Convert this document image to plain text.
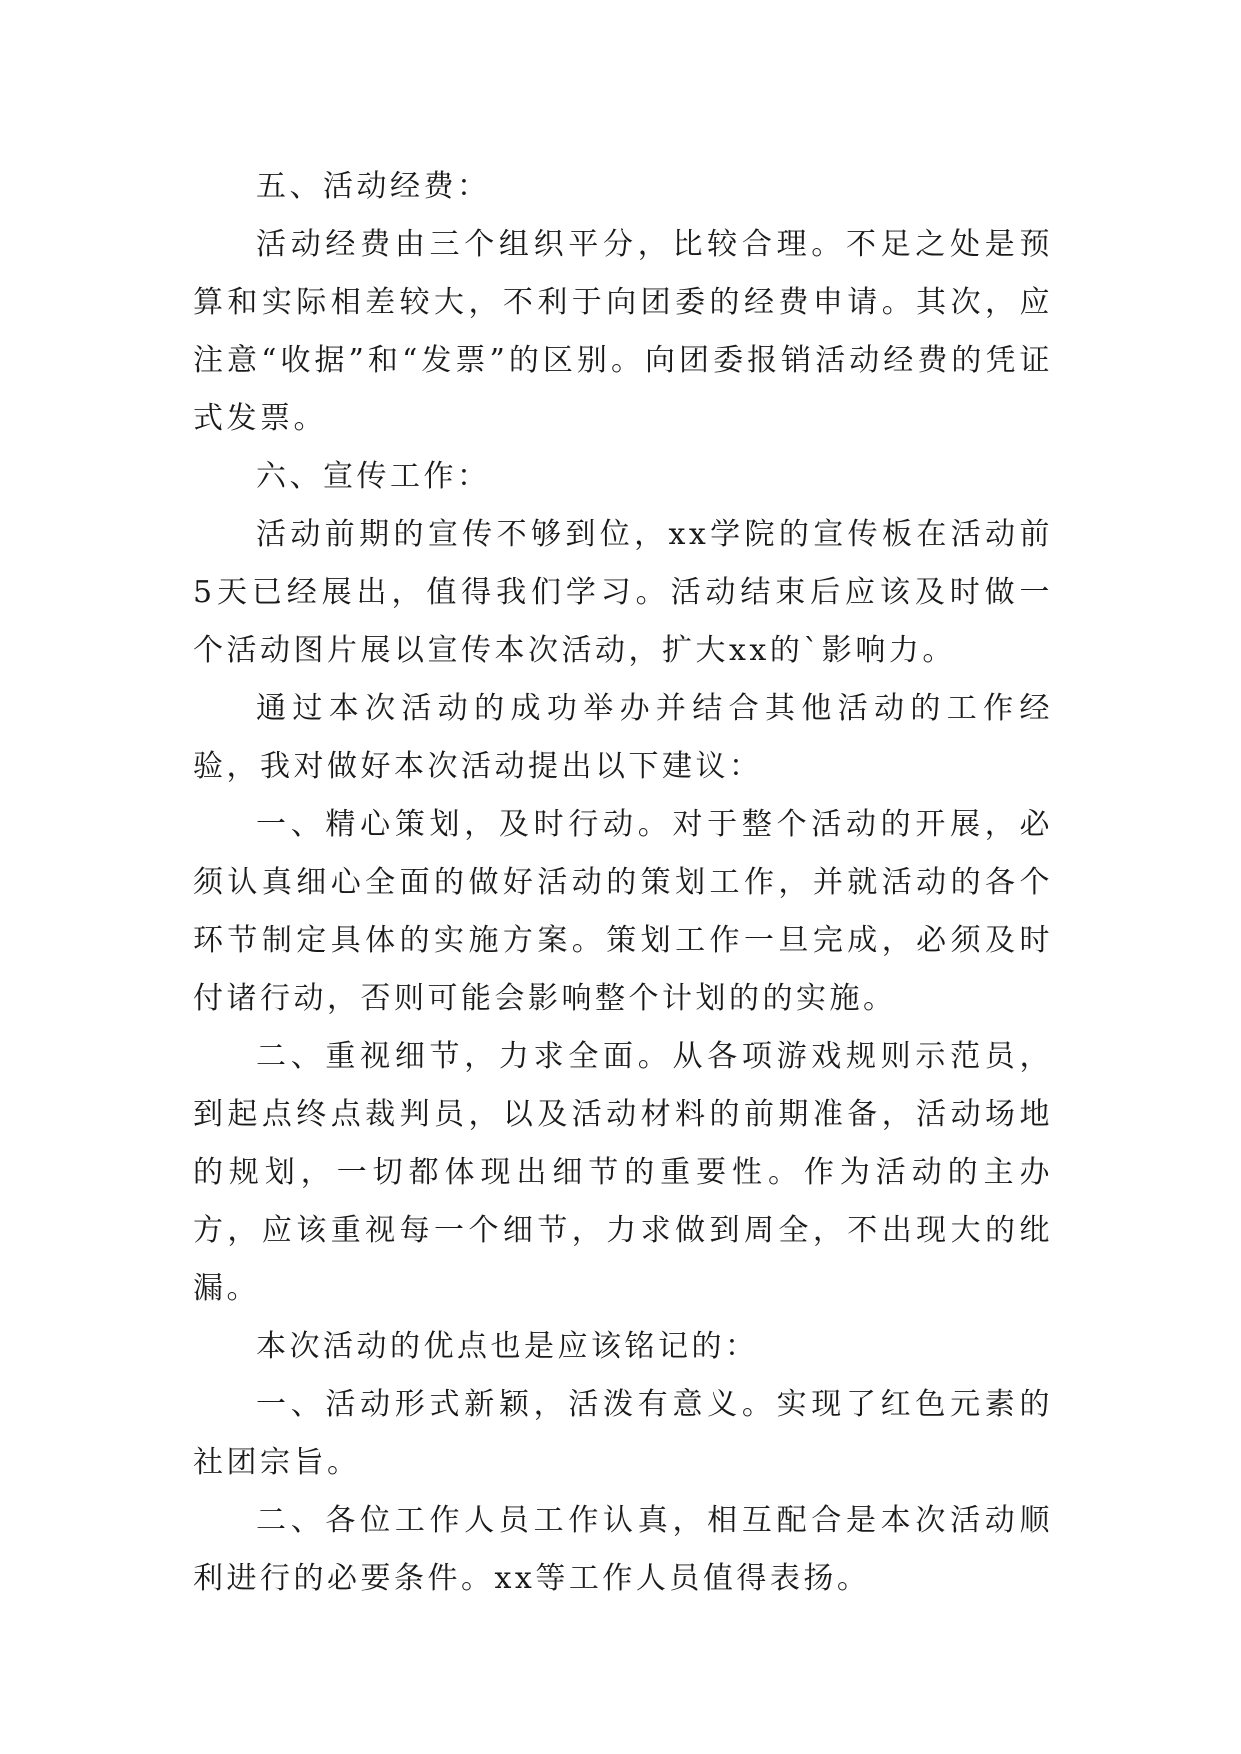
五、活动经费：

活动经费由三个组织平分，比较合理。不足之处是预算和实际相差较大，不利于向团委的经费申请。其次，应注意“收据”和“发票”的区别。向团委报销活动经费的凭证式发票。

六、宣传工作：

活动前期的宣传不够到位，xx学院的宣传板在活动前5天已经展出，值得我们学习。活动结束后应该及时做一个活动图片展以宣传本次活动，扩大xx的`影响力。

通过本次活动的成功举办并结合其他活动的工作经验，我对做好本次活动提出以下建议：

一、精心策划，及时行动。对于整个活动的开展，必须认真细心全面的做好活动的策划工作，并就活动的各个环节制定具体的实施方案。策划工作一旦完成，必须及时付诸行动，否则可能会影响整个计划的的实施。

二、重视细节，力求全面。从各项游戏规则示范员，到起点终点裁判员，以及活动材料的前期准备，活动场地的规划，一切都体现出细节的重要性。作为活动的主办方，应该重视每一个细节，力求做到周全，不出现大的纰漏。

本次活动的优点也是应该铭记的：

一、活动形式新颖，活泼有意义。实现了红色元素的社团宗旨。

二、各位工作人员工作认真，相互配合是本次活动顺利进行的必要条件。xx等工作人员值得表扬。
